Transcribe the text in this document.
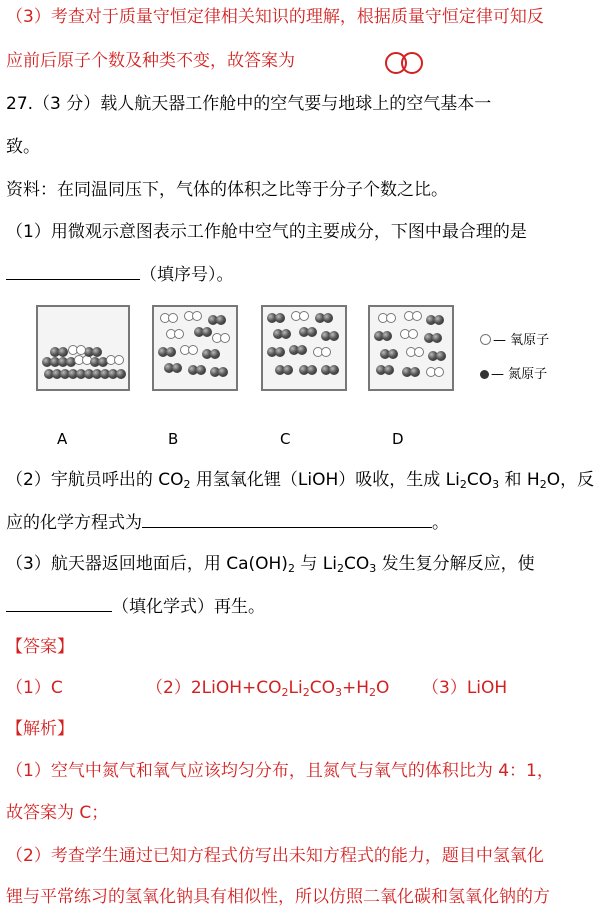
（3）考查对于质量守恒定律相关知识的理解，根据质量守恒定律可知反
应前后原子个数及种类不变，故答案为
27.（3 分）载人航天器工作舱中的空气要与地球上的空气基本一
致。
资料：在同温同压下，气体的体积之比等于分子个数之比。
（1）用微观示意图表示工作舱中空气的主要成分，下图中最合理的是
（填序号）。
— 氧原子
— 氮原子
A	B	C	D
（2）宇航员呼出的 $CO_2$ 用氢氧化锂（LiOH）吸收，生成 $Li_2CO_3$ 和 $H_2O$，反
应的化学方程式为	。
（3）航天器返回地面后，用 $Ca(OH)_2$ 与 $Li_2CO_3$ 发生复分解反应，使
（填化学式）再生。
【答案】
（1）C	$(2)2LiOH+CO_2Li_2CO_3+H_2O$ （3）LiOH
【解析】
（1）空气中氮气和氧气应该均匀分布，且氮气与氧气的体积比为 4：1，
故答案为 C；
（2）考查学生通过已知方程式仿写出未知方程式的能力，题目中氢氧化
锂与平常练习的氢氧化钠具有相似性，所以仿照二氧化碳和氢氧化钠的方
